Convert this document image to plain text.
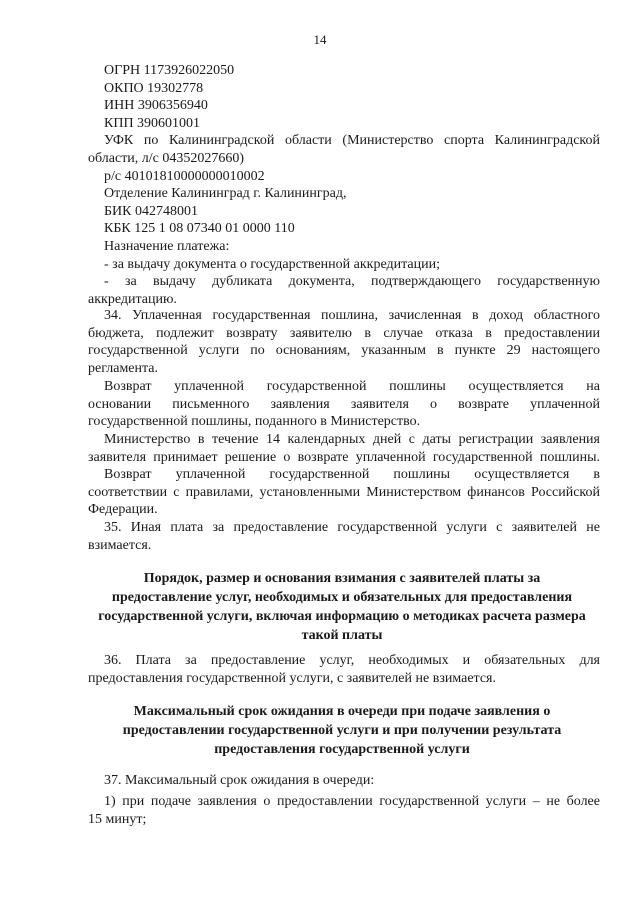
14
ОГРН 1173926022050
ОКПО 19302778
ИНН 3906356940
КПП 390601001
УФК по Калининградской области (Министерство спорта Калининградской
области, л/с 04352027660)
р/с 40101810000000010002
Отделение Калининград г. Калининград,
БИК 042748001
КБК 125 1 08 07340 01 0000 110
Назначение платежа:
- за выдачу документа о государственной аккредитации;
- за выдачу дубликата документа, подтверждающего государственную
аккредитацию.
34. Уплаченная государственная пошлина, зачисленная в доход областного
бюджета, подлежит возврату заявителю в случае отказа в предоставлении
государственной услуги по основаниям, указанным в пункте 29 настоящего
регламента.
Возврат уплаченной государственной пошлины осуществляется на
основании письменного заявления заявителя о возврате уплаченной
государственной пошлины, поданного в Министерство.
Министерство в течение 14 календарных дней с даты регистрации заявления
заявителя принимает решение о возврате уплаченной государственной пошлины.
Возврат уплаченной государственной пошлины осуществляется в
соответствии с правилами, установленными Министерством финансов Российской
Федерации.
35. Иная плата за предоставление государственной услуги с заявителей не
взимается.
Порядок, размер и основания взимания с заявителей платы за
предоставление услуг, необходимых и обязательных для предоставления
государственной услуги, включая информацию о методиках расчета размера
такой платы
36. Плата за предоставление услуг, необходимых и обязательных для
предоставления государственной услуги, с заявителей не взимается.
Максимальный срок ожидания в очереди при подаче заявления о
предоставлении государственной услуги и при получении результата
предоставления государственной услуги
37. Максимальный срок ожидания в очереди:
1) при подаче заявления о предоставлении государственной услуги – не более
15 минут;
